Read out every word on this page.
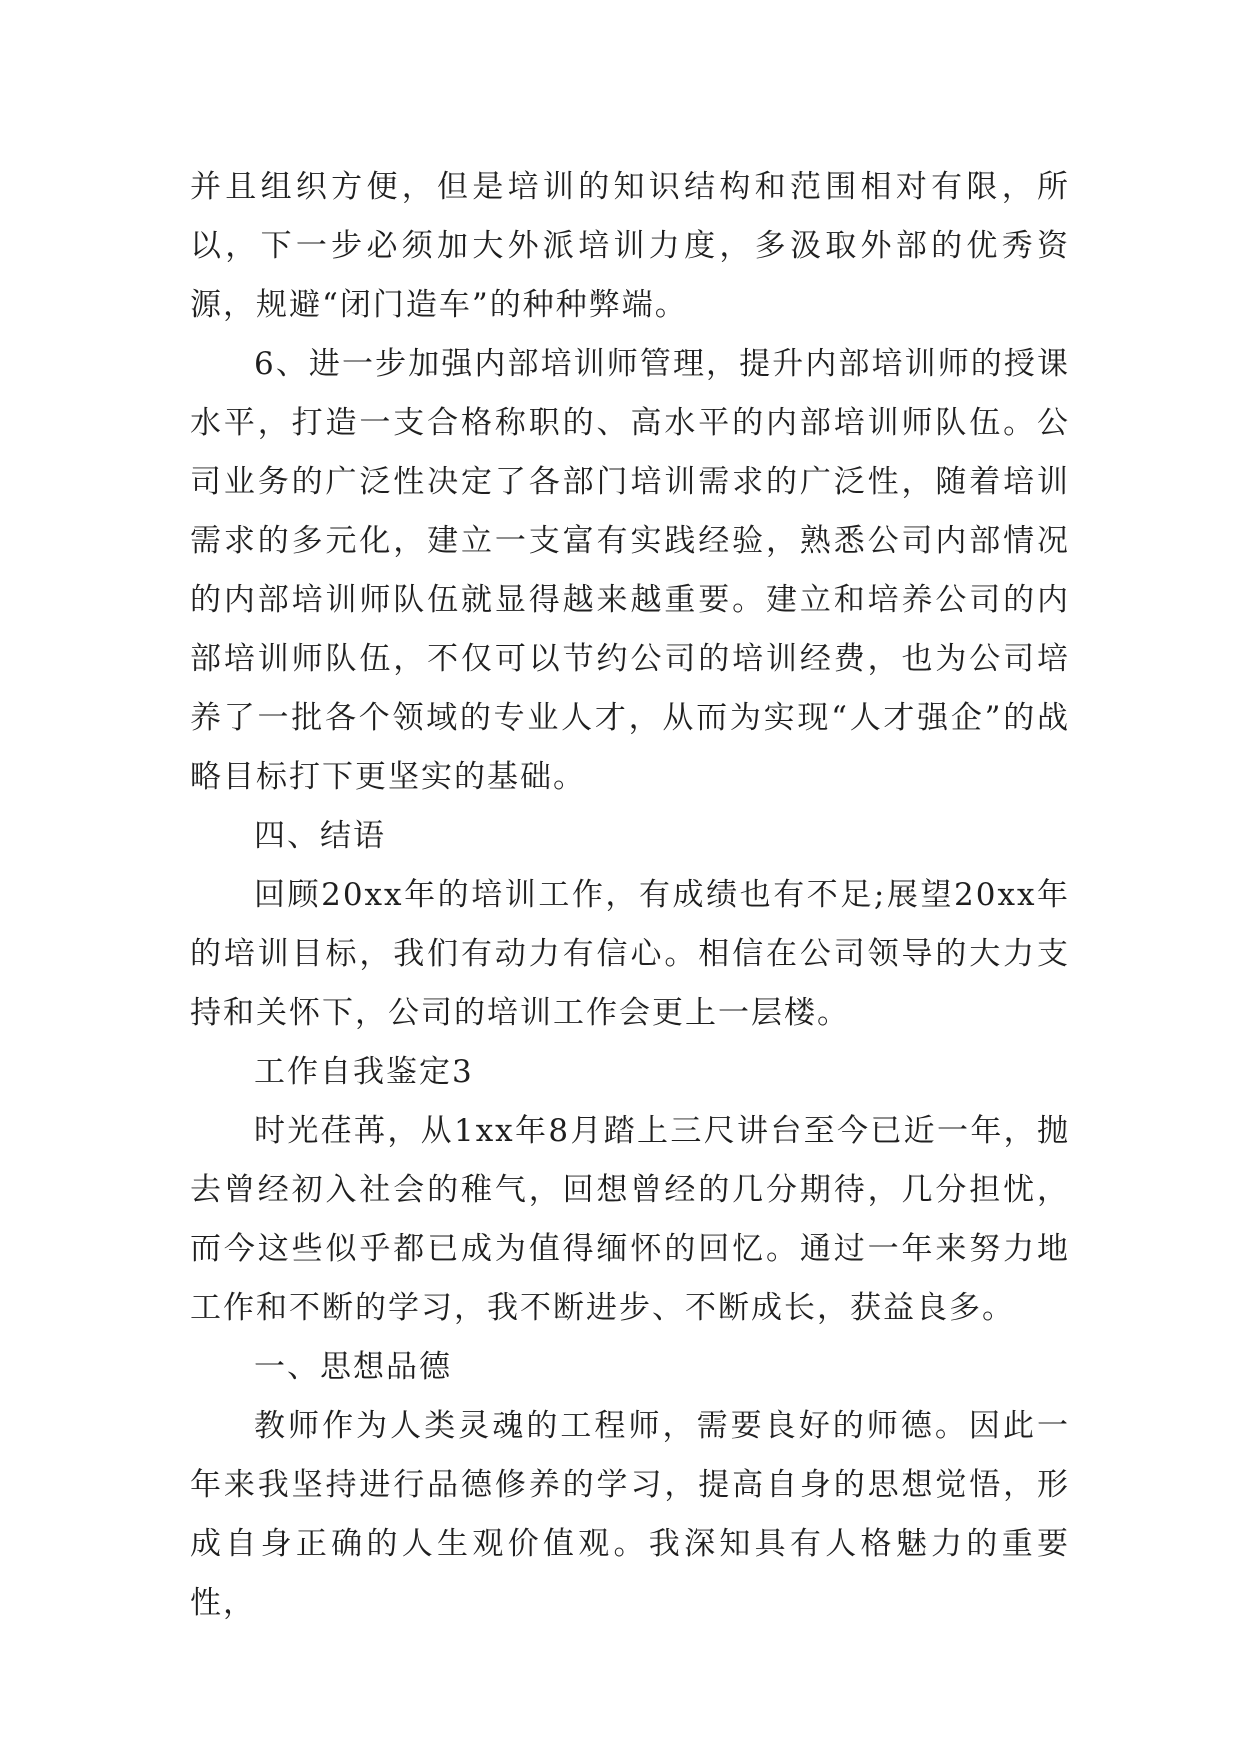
并且组织方便，但是培训的知识结构和范围相对有限，所以，下一步必须加大外派培训力度，多汲取外部的优秀资源，规避“闭门造车”的种种弊端。

6、进一步加强内部培训师管理，提升内部培训师的授课水平，打造一支合格称职的、高水平的内部培训师队伍。公司业务的广泛性决定了各部门培训需求的广泛性，随着培训需求的多元化，建立一支富有实践经验，熟悉公司内部情况的内部培训师队伍就显得越来越重要。建立和培养公司的内部培训师队伍，不仅可以节约公司的培训经费，也为公司培养了一批各个领域的专业人才，从而为实现“人才强企”的战略目标打下更坚实的基础。

四、结语

回顾20xx年的培训工作，有成绩也有不足;展望20xx年的培训目标，我们有动力有信心。相信在公司领导的大力支持和关怀下，公司的培训工作会更上一层楼。

工作自我鉴定3

时光荏苒，从1xx年8月踏上三尺讲台至今已近一年，抛去曾经初入社会的稚气，回想曾经的几分期待，几分担忧，而今这些似乎都已成为值得缅怀的回忆。通过一年来努力地工作和不断的学习，我不断进步、不断成长，获益良多。

一、思想品德

教师作为人类灵魂的工程师，需要良好的师德。因此一年来我坚持进行品德修养的学习，提高自身的思想觉悟，形成自身正确的人生观价值观。我深知具有人格魅力的重要性，
